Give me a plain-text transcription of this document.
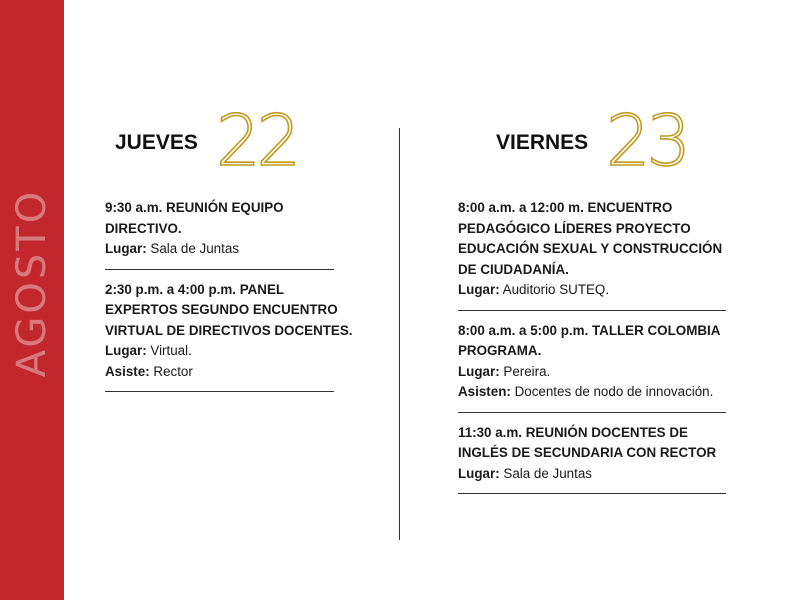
AGOSTO
JUEVES 22
9:30 a.m. REUNIÓN EQUIPO DIRECTIVO.
Lugar: Sala de Juntas
2:30 p.m. a 4:00 p.m. PANEL EXPERTOS SEGUNDO ENCUENTRO VIRTUAL DE DIRECTIVOS DOCENTES.
Lugar: Virtual.
Asiste: Rector
VIERNES 23
8:00 a.m. a 12:00 m. ENCUENTRO PEDAGÓGICO LÍDERES PROYECTO EDUCACIÓN SEXUAL Y CONSTRUCCIÓN DE CIUDADANÍA.
Lugar: Auditorio SUTEQ.
8:00 a.m. a 5:00 p.m. TALLER COLOMBIA PROGRAMA.
Lugar: Pereira.
Asisten: Docentes de nodo de innovación.
11:30 a.m. REUNIÓN DOCENTES DE INGLÉS DE SECUNDARIA CON RECTOR
Lugar: Sala de Juntas
